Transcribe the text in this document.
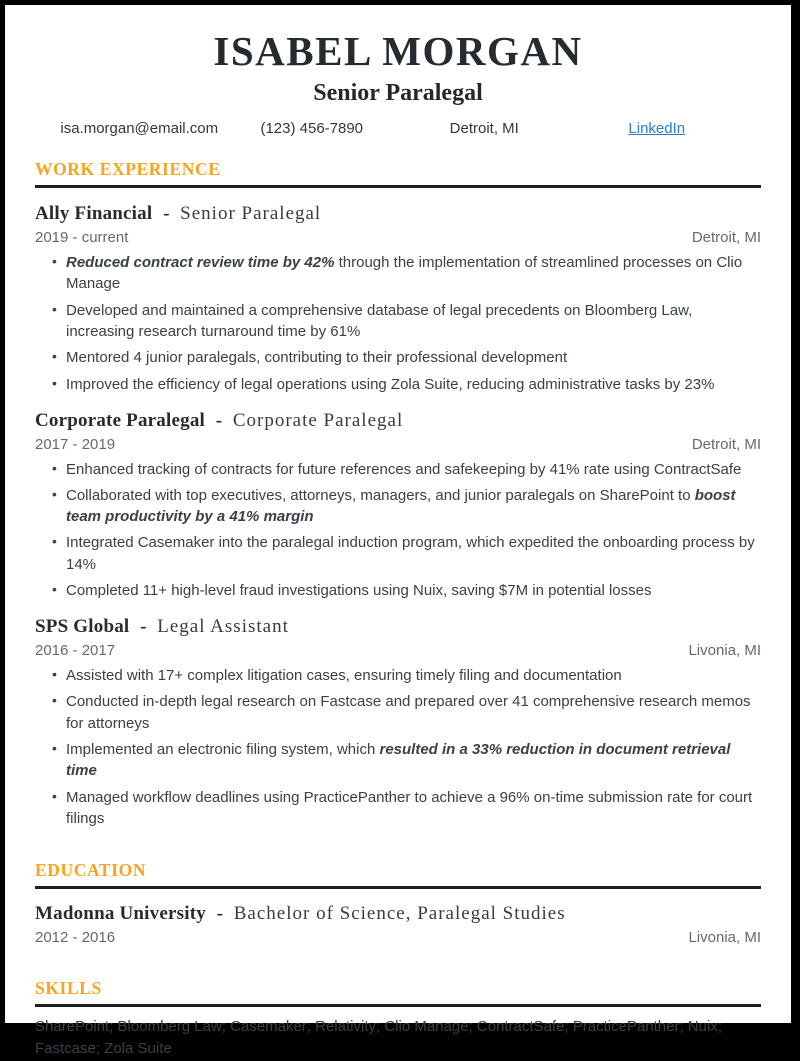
ISABEL MORGAN
Senior Paralegal
isa.morgan@email.com	(123) 456-7890	Detroit, MI	LinkedIn
WORK EXPERIENCE
Ally Financial - Senior Paralegal
2019 - current	Detroit, MI
• Reduced contract review time by 42% through the implementation of streamlined processes on Clio Manage
• Developed and maintained a comprehensive database of legal precedents on Bloomberg Law, increasing research turnaround time by 61%
• Mentored 4 junior paralegals, contributing to their professional development
• Improved the efficiency of legal operations using Zola Suite, reducing administrative tasks by 23%
Corporate Paralegal - Corporate Paralegal
2017 - 2019	Detroit, MI
• Enhanced tracking of contracts for future references and safekeeping by 41% rate using ContractSafe
• Collaborated with top executives, attorneys, managers, and junior paralegals on SharePoint to boost team productivity by a 41% margin
• Integrated Casemaker into the paralegal induction program, which expedited the onboarding process by 14%
• Completed 11+ high-level fraud investigations using Nuix, saving $7M in potential losses
SPS Global - Legal Assistant
2016 - 2017	Livonia, MI
• Assisted with 17+ complex litigation cases, ensuring timely filing and documentation
• Conducted in-depth legal research on Fastcase and prepared over 41 comprehensive research memos for attorneys
• Implemented an electronic filing system, which resulted in a 33% reduction in document retrieval time
• Managed workflow deadlines using PracticePanther to achieve a 96% on-time submission rate for court filings
EDUCATION
Madonna University - Bachelor of Science, Paralegal Studies
2012 - 2016	Livonia, MI
SKILLS
SharePoint; Bloomberg Law; Casemaker; Relativity; Clio Manage; ContractSafe; PracticePanther; Nuix; Fastcase; Zola Suite
